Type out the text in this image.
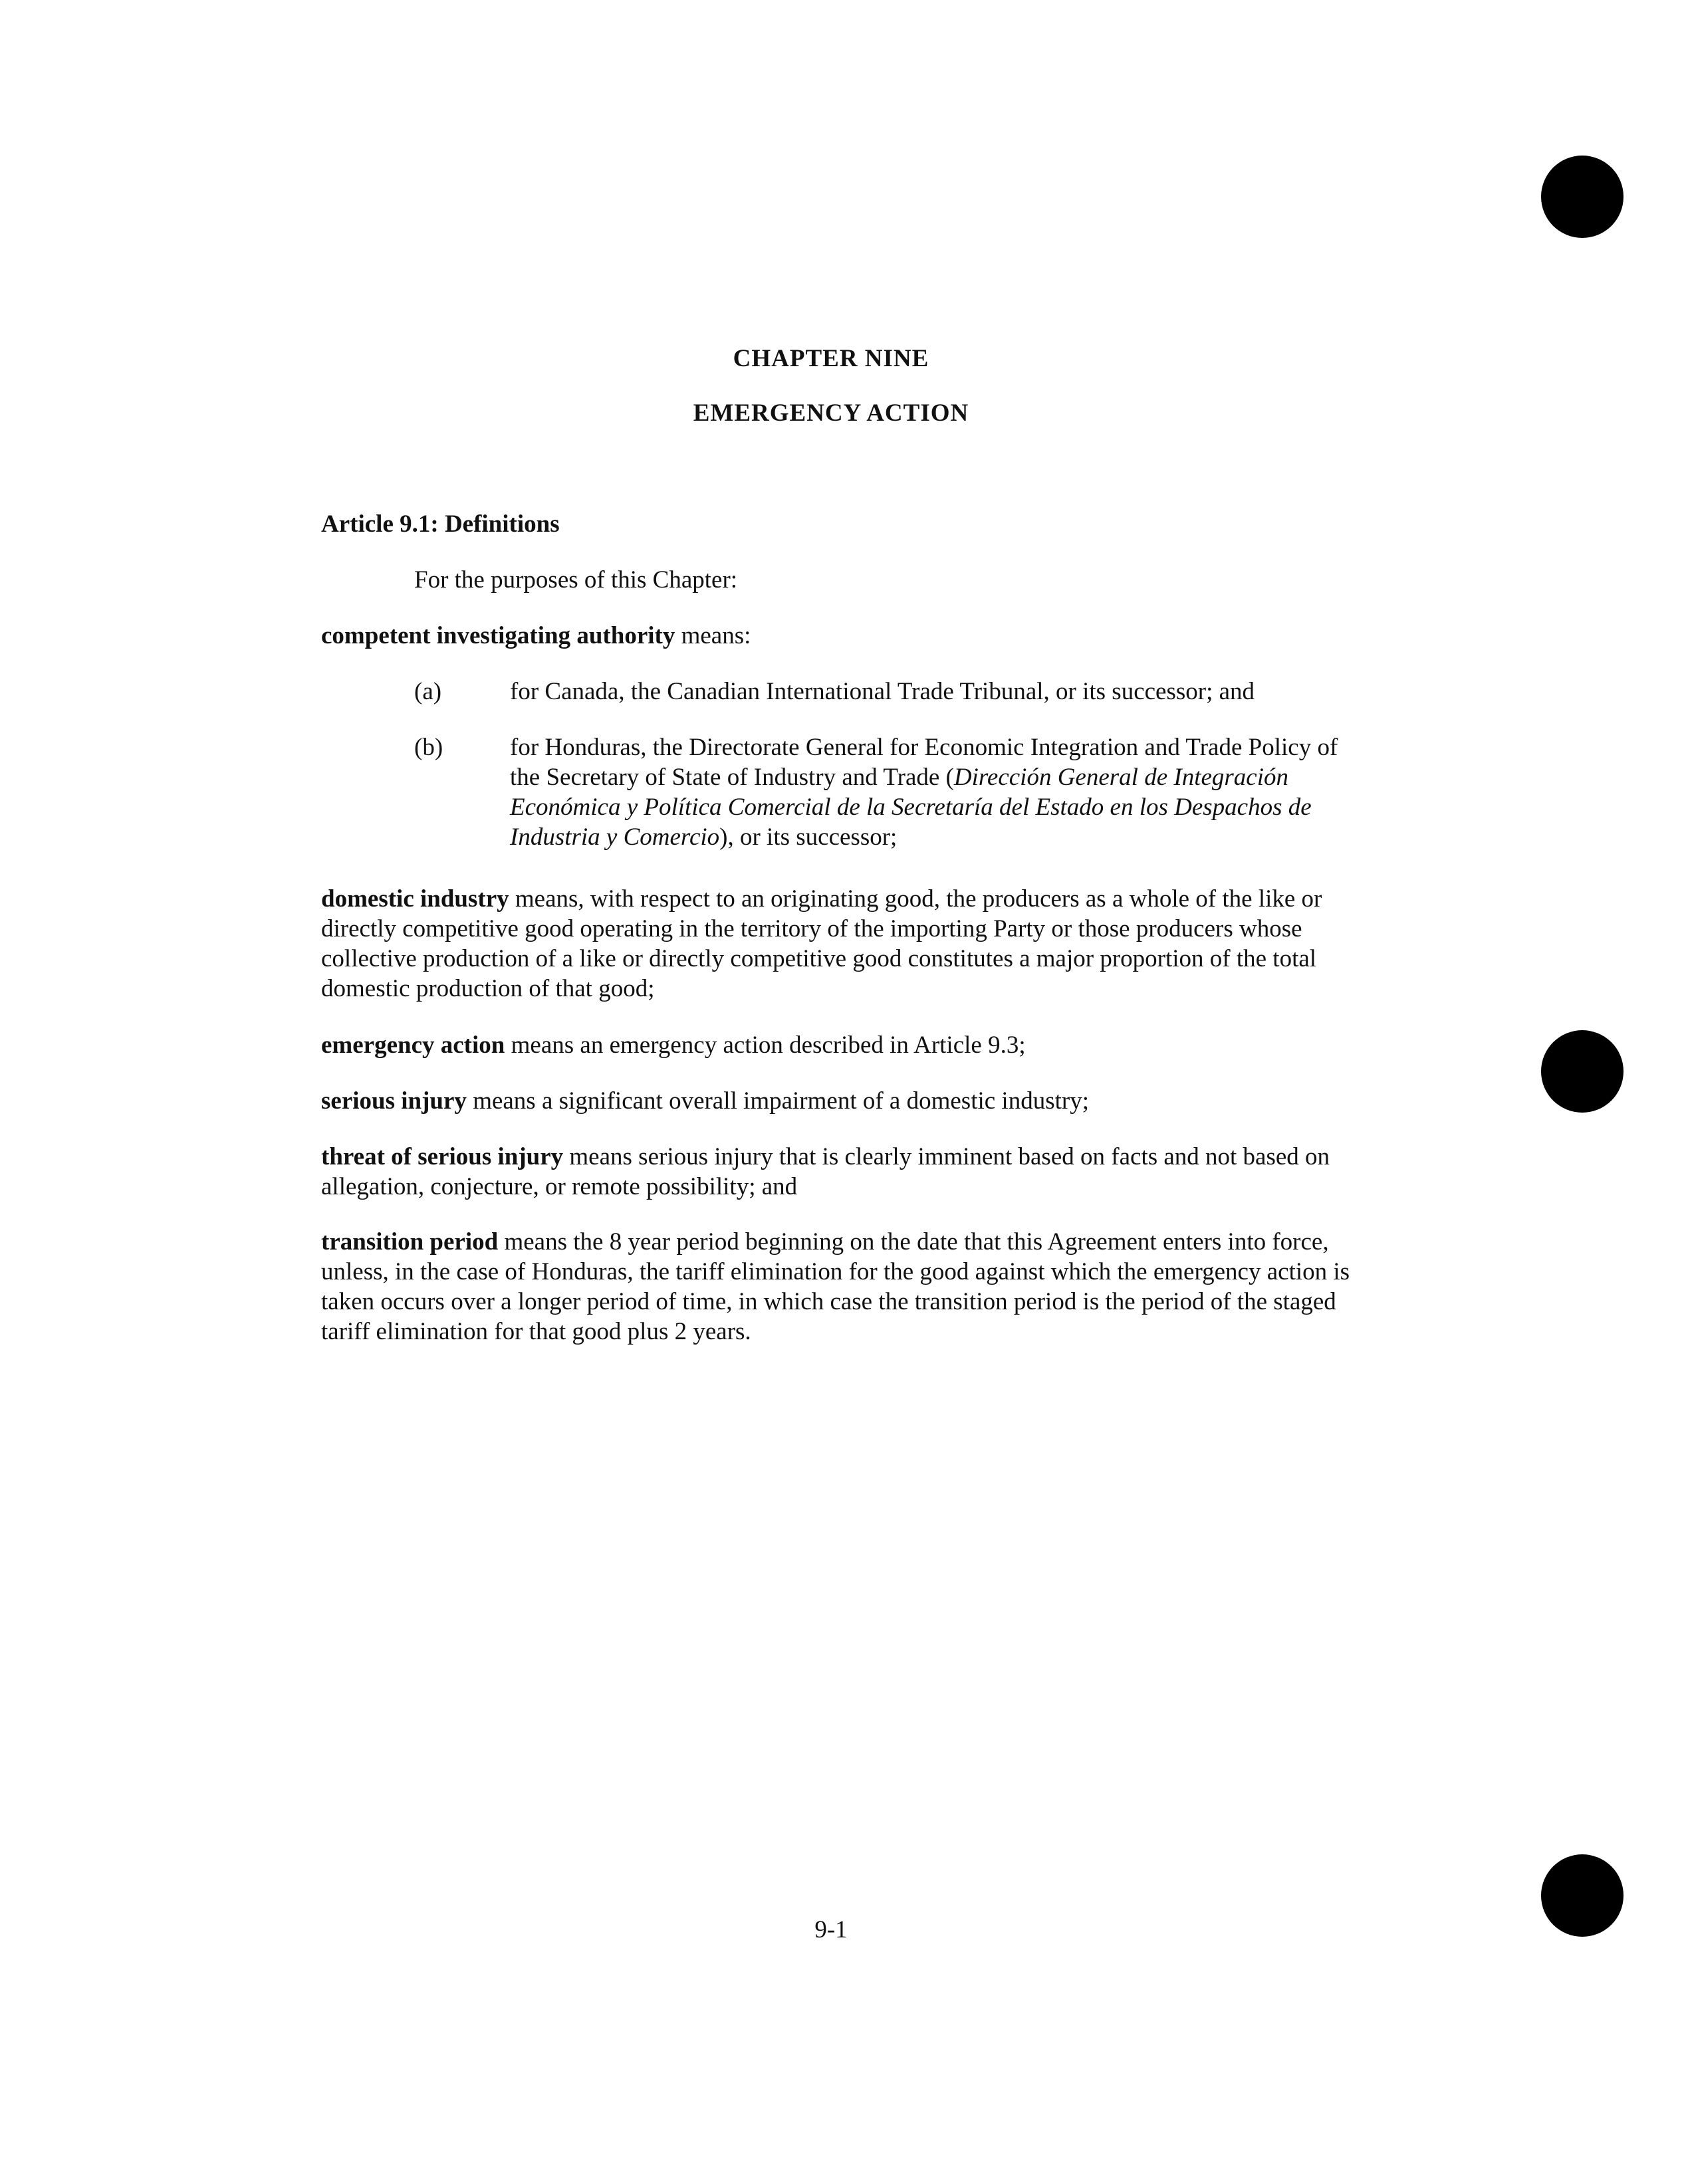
CHAPTER NINE
EMERGENCY ACTION
Article 9.1: Definitions
For the purposes of this Chapter:
competent investigating authority means:
(a)	for Canada, the Canadian International Trade Tribunal, or its successor; and
(b)	for Honduras, the Directorate General for Economic Integration and Trade Policy of the Secretary of State of Industry and Trade (Dirección General de Integración Económica y Política Comercial de la Secretaría del Estado en los Despachos de Industria y Comercio), or its successor;
domestic industry means, with respect to an originating good, the producers as a whole of the like or directly competitive good operating in the territory of the importing Party or those producers whose collective production of a like or directly competitive good constitutes a major proportion of the total domestic production of that good;
emergency action means an emergency action described in Article 9.3;
serious injury means a significant overall impairment of a domestic industry;
threat of serious injury means serious injury that is clearly imminent based on facts and not based on allegation, conjecture, or remote possibility; and
transition period means the 8 year period beginning on the date that this Agreement enters into force, unless, in the case of Honduras, the tariff elimination for the good against which the emergency action is taken occurs over a longer period of time, in which case the transition period is the period of the staged tariff elimination for that good plus 2 years.
9-1
